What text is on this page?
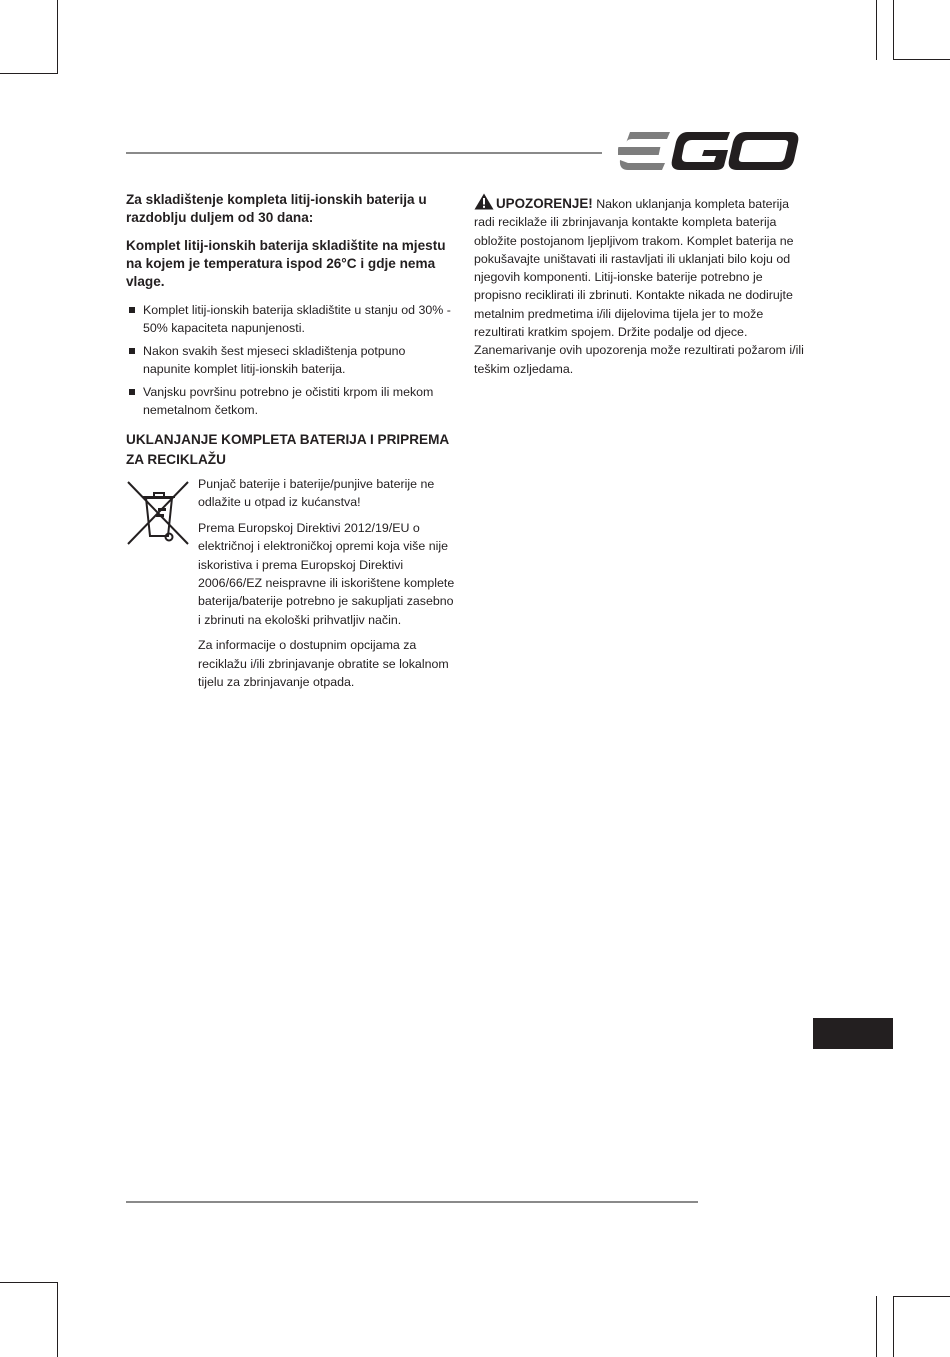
Za skladištenje kompleta litij-ionskih baterija u razdoblju duljem od 30 dana:

Komplet litij-ionskih baterija skladištite na mjestu na kojem je temperatura ispod 26°C i gdje nema vlage.

Komplet litij-ionskih baterija skladištite u stanju od 30% - 50% kapaciteta napunjenosti.
Nakon svakih šest mjeseci skladištenja potpuno napunite komplet litij-ionskih baterija.
Vanjsku površinu potrebno je očistiti krpom ili mekom nemetalnom četkom.
UKLANJANJE KOMPLETA BATERIJA I PRIPREMA ZA RECIKLAŽU

Punjač baterije i baterije/punjive baterije ne odlažite u otpad iz kućanstva!

Prema Europskoj Direktivi 2012/19/EU o električnoj i elektroničkoj opremi koja više nije iskoristiva i prema Europskoj Direktivi 2006/66/EZ neispravne ili iskorištene komplete baterija/baterije potrebno je sakupljati zasebno i zbrinuti na ekološki prihvatljiv način.

Za informacije o dostupnim opcijama za reciklažu i/ili zbrinjavanje obratite se lokalnom tijelu za zbrinjavanje otpada.

UPOZORENJE! Nakon uklanjanja kompleta baterija radi reciklaže ili zbrinjavanja kontakte kompleta baterija obložite postojanom ljepljivom trakom. Komplet baterija ne pokušavajte uništavati ili rastavljati ili uklanjati bilo koju od njegovih komponenti. Litij-ionske baterije potrebno je propisno reciklirati ili zbrinuti. Kontakte nikada ne dodirujte metalnim predmetima i/ili dijelovima tijela jer to može rezultirati kratkim spojem. Držite podalje od djece. Zanemarivanje ovih upozorenja može rezultirati požarom i/ili teškim ozljedama.
